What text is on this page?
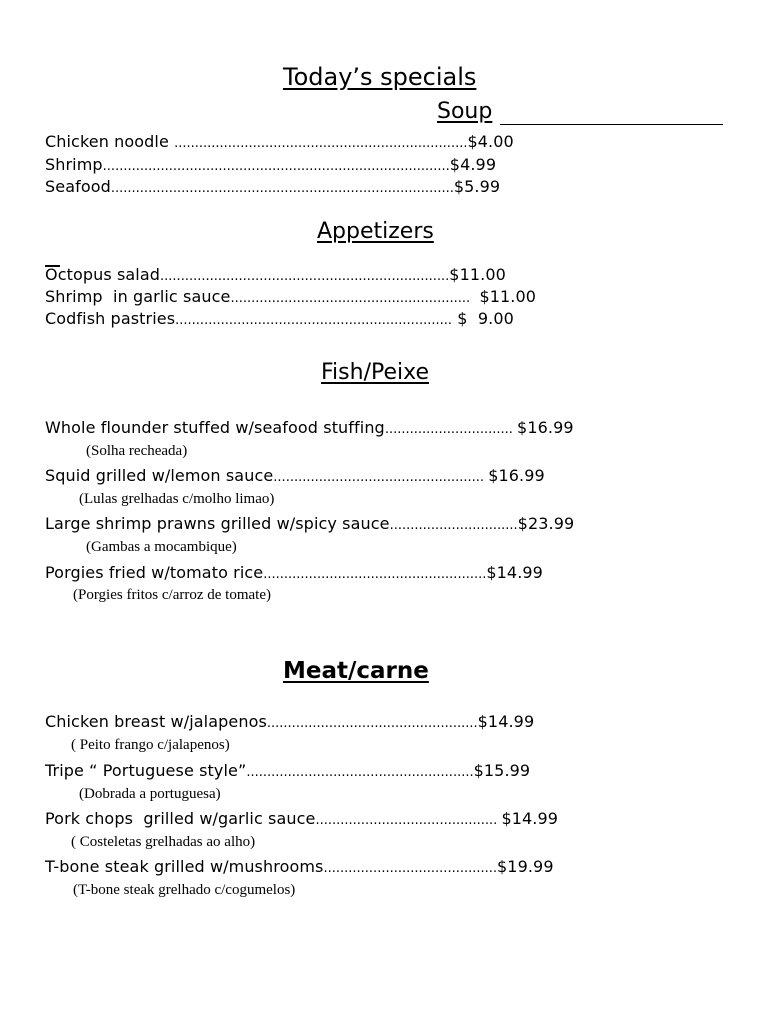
Today’s specials
Soup
Chicken noodle .......................................................................$4.00
Shrimp....................................................................................$4.99
Seafood...................................................................................$5.99
Appetizers
Octopus salad......................................................................$11.00
Shrimp  in garlic sauce..........................................................  $11.00
Codfish pastries................................................................... $  9.00
Fish/Peixe
Whole flounder stuffed w/seafood stuffing............................... $16.99
(Solha recheada)
Squid grilled w/lemon sauce................................................... $16.99
(Lulas grelhadas c/molho limao)
Large shrimp prawns grilled w/spicy sauce...............................$23.99
(Gambas a mocambique)
Porgies fried w/tomato rice......................................................$14.99
(Porgies fritos c/arroz de tomate)
Meat/carne
Chicken breast w/jalapenos...................................................$14.99
( Peito frango c/jalapenos)
Tripe “ Portuguese style”.......................................................$15.99
(Dobrada a portuguesa)
Pork chops  grilled w/garlic sauce............................................ $14.99
( Costeletas grelhadas ao alho)
T-bone steak grilled w/mushrooms..........................................$19.99
(T-bone steak grelhado c/cogumelos)
